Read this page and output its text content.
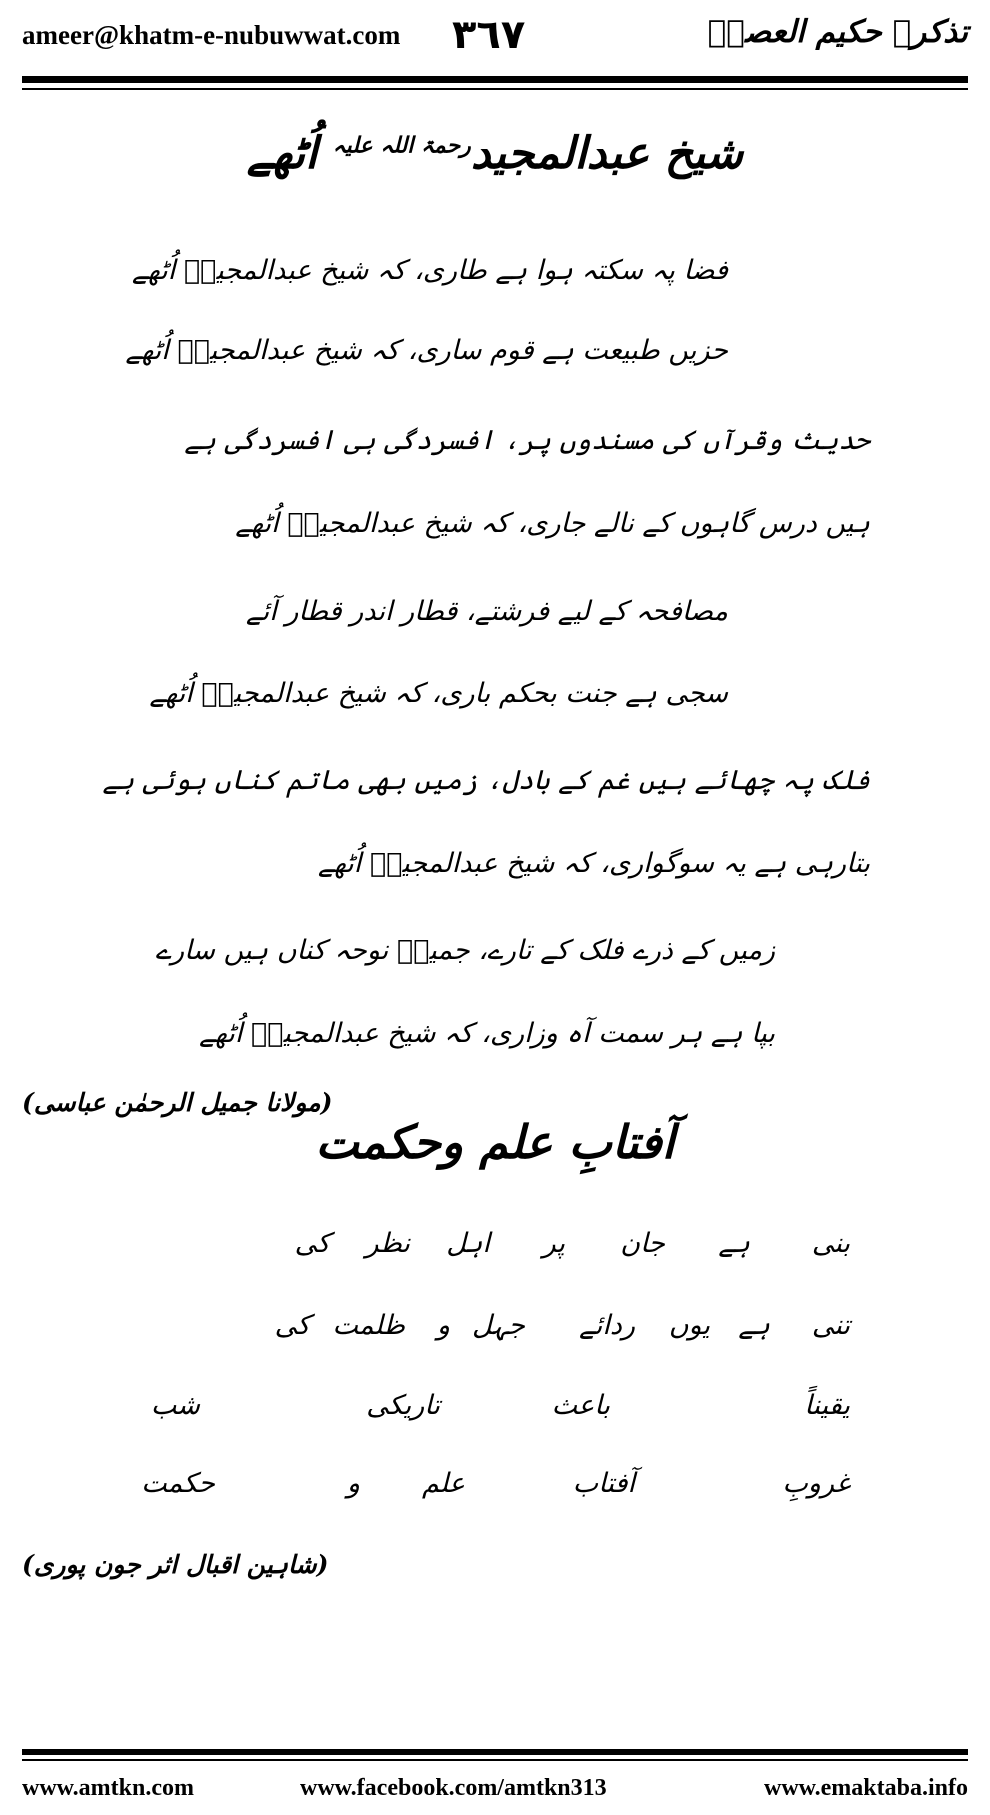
ameer@khatm-e-nubuwwat.com ٣٦٧	تذکرہ حکیم العصرؒ
شیخ عبدالمجید$^{رحمۃ اللہ علیہ}$ اُٹھے
فضا پہ سکتہ ہوا ہے طاری، کہ شیخ عبدالمجیدؒ اُٹھے
حزیں طبیعت ہے قوم ساری، کہ شیخ عبدالمجیدؒ اُٹھے
حدیث وقرآں کی مسندوں پر، افسردگی ہی افسردگی ہے
ہیں درس گاہوں کے نالے جاری، کہ شیخ عبدالمجیدؒ اُٹھے
مصافحہ کے لیے فرشتے، قطار اندر قطار آئے
سجی ہے جنت بحکم باری، کہ شیخ عبدالمجیدؒ اُٹھے
فلک پہ چھائے ہیں غم کے بادل، زمیں بھی ماتم کناں ہوئی ہے
بتارہی ہے یہ سوگواری، کہ شیخ عبدالمجیدؒ اُٹھے
زمیں کے ذرے فلک کے تارے، جمیلؔ نوحہ کناں ہیں سارے
بپا ہے ہر سمت آہ وزاری، کہ شیخ عبدالمجیدؒ اُٹھے
(مولانا جمیل الرحمٰن عباسی)
آفتابِ علم وحکمت
بنی
ہے
جان
پر
اہل
نظر
کی
تنی
ہے
یوں
ردائے
جہل
و
ظلمت
کی
یقیناً
باعث
تاریکی
شب
غروبِ
آفتاب
علم
و
حکمت
(شاہین اقبال اثر جون پوری)
www.amtkn.com	www.facebook.com/amtkn313	www.emaktaba.info
